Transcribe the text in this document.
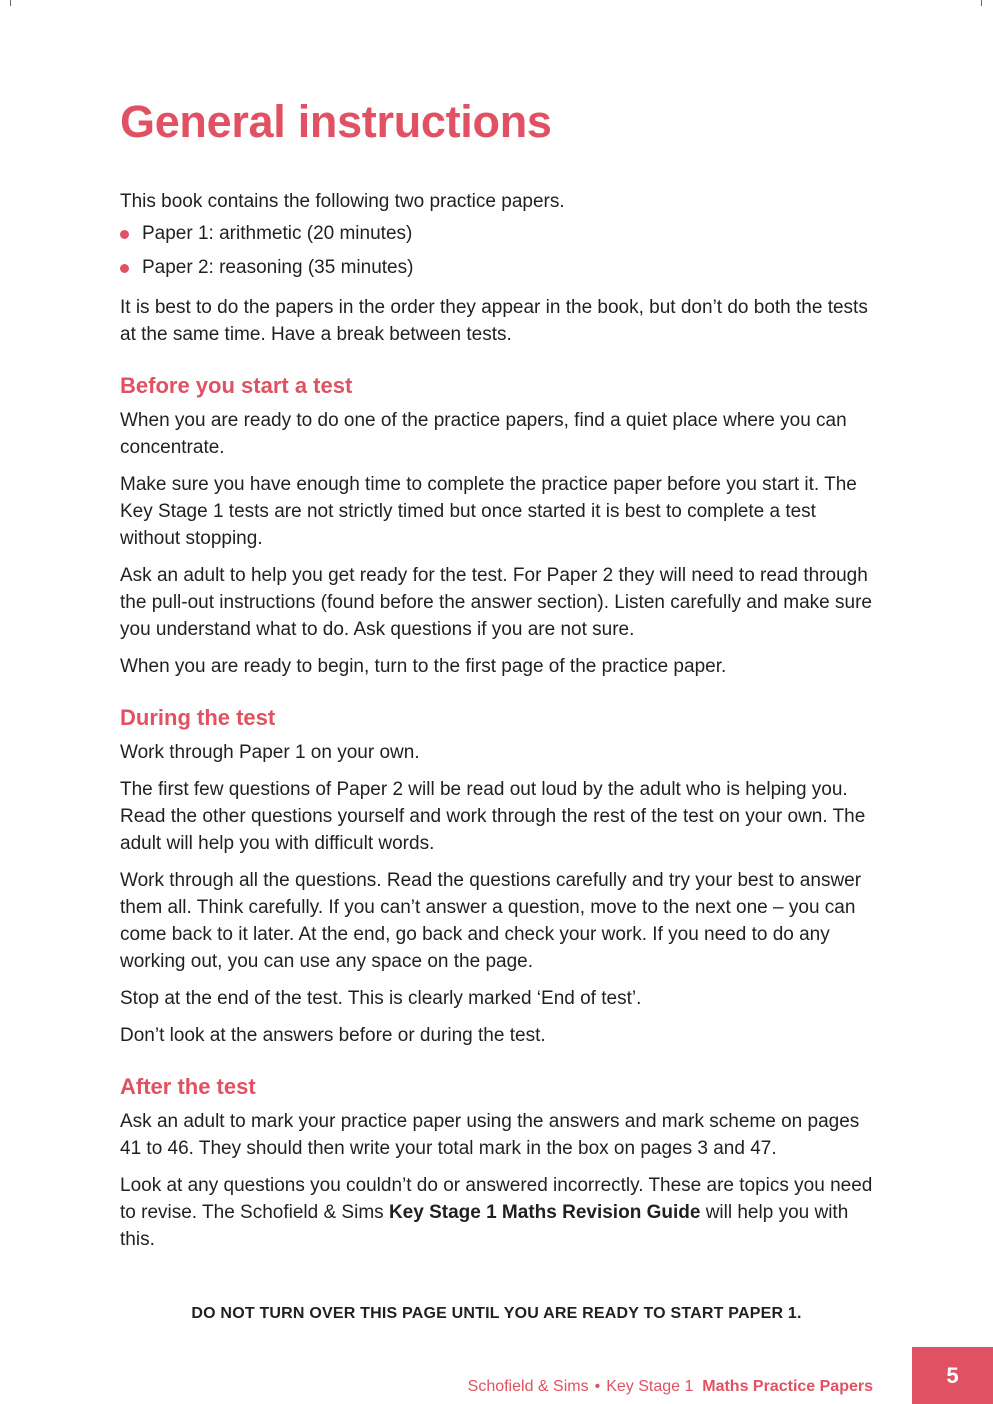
General instructions

This book contains the following two practice papers.

Paper 1: arithmetic (20 minutes)
Paper 2: reasoning (35 minutes)

It is best to do the papers in the order they appear in the book, but don’t do both the tests at the same time. Have a break between tests.

Before you start a test

When you are ready to do one of the practice papers, find a quiet place where you can concentrate.

Make sure you have enough time to complete the practice paper before you start it. The Key Stage 1 tests are not strictly timed but once started it is best to complete a test without stopping.

Ask an adult to help you get ready for the test. For Paper 2 they will need to read through the pull-out instructions (found before the answer section). Listen carefully and make sure you understand what to do. Ask questions if you are not sure.

When you are ready to begin, turn to the first page of the practice paper.

During the test

Work through Paper 1 on your own.

The first few questions of Paper 2 will be read out loud by the adult who is helping you. Read the other questions yourself and work through the rest of the test on your own. The adult will help you with difficult words.

Work through all the questions. Read the questions carefully and try your best to answer them all. Think carefully. If you can’t answer a question, move to the next one – you can come back to it later. At the end, go back and check your work. If you need to do any working out, you can use any space on the page.

Stop at the end of the test. This is clearly marked ‘End of test’.

Don’t look at the answers before or during the test.

After the test

Ask an adult to mark your practice paper using the answers and mark scheme on pages 41 to 46. They should then write your total mark in the box on pages 3 and 47.

Look at any questions you couldn’t do or answered incorrectly. These are topics you need to revise. The Schofield & Sims Key Stage 1 Maths Revision Guide will help you with this.

DO NOT TURN OVER THIS PAGE UNTIL YOU ARE READY TO START PAPER 1.
Schofield & Sims • Key Stage 1 Maths Practice Papers	5
